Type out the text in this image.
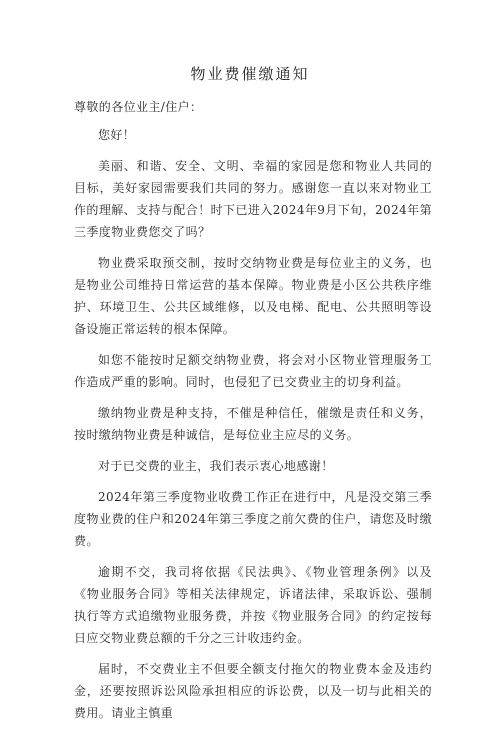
物业费催缴通知

尊敬的各位业主/住户：

您好！

美丽、和谐、安全、文明、幸福的家园是您和物业人共同的目标，美好家园需要我们共同的努力。感谢您一直以来对物业工作的理解、支持与配合！时下已进入2024年9月下旬，2024年第三季度物业费您交了吗？

物业费采取预交制，按时交纳物业费是每位业主的义务，也是物业公司维持日常运营的基本保障。物业费是小区公共秩序维护、环境卫生、公共区域维修，以及电梯、配电、公共照明等设备设施正常运转的根本保障。

如您不能按时足额交纳物业费，将会对小区物业管理服务工作造成严重的影响。同时，也侵犯了已交费业主的切身利益。

缴纳物业费是种支持，不催是种信任，催缴是责任和义务，按时缴纳物业费是种诚信，是每位业主应尽的义务。

对于已交费的业主，我们表示衷心地感谢！

2024年第三季度物业收费工作正在进行中，凡是没交第三季度物业费的住户和2024年第三季度之前欠费的住户，请您及时缴费。

逾期不交，我司将依据《民法典》、《物业管理条例》以及《物业服务合同》等相关法律规定，诉诸法律，采取诉讼、强制执行等方式追缴物业服务费，并按《物业服务合同》的约定按每日应交物业费总额的千分之三计收违约金。

届时，不交费业主不但要全额支付拖欠的物业费本金及违约金，还要按照诉讼风险承担相应的诉讼费，以及一切与此相关的费用。请业主慎重
